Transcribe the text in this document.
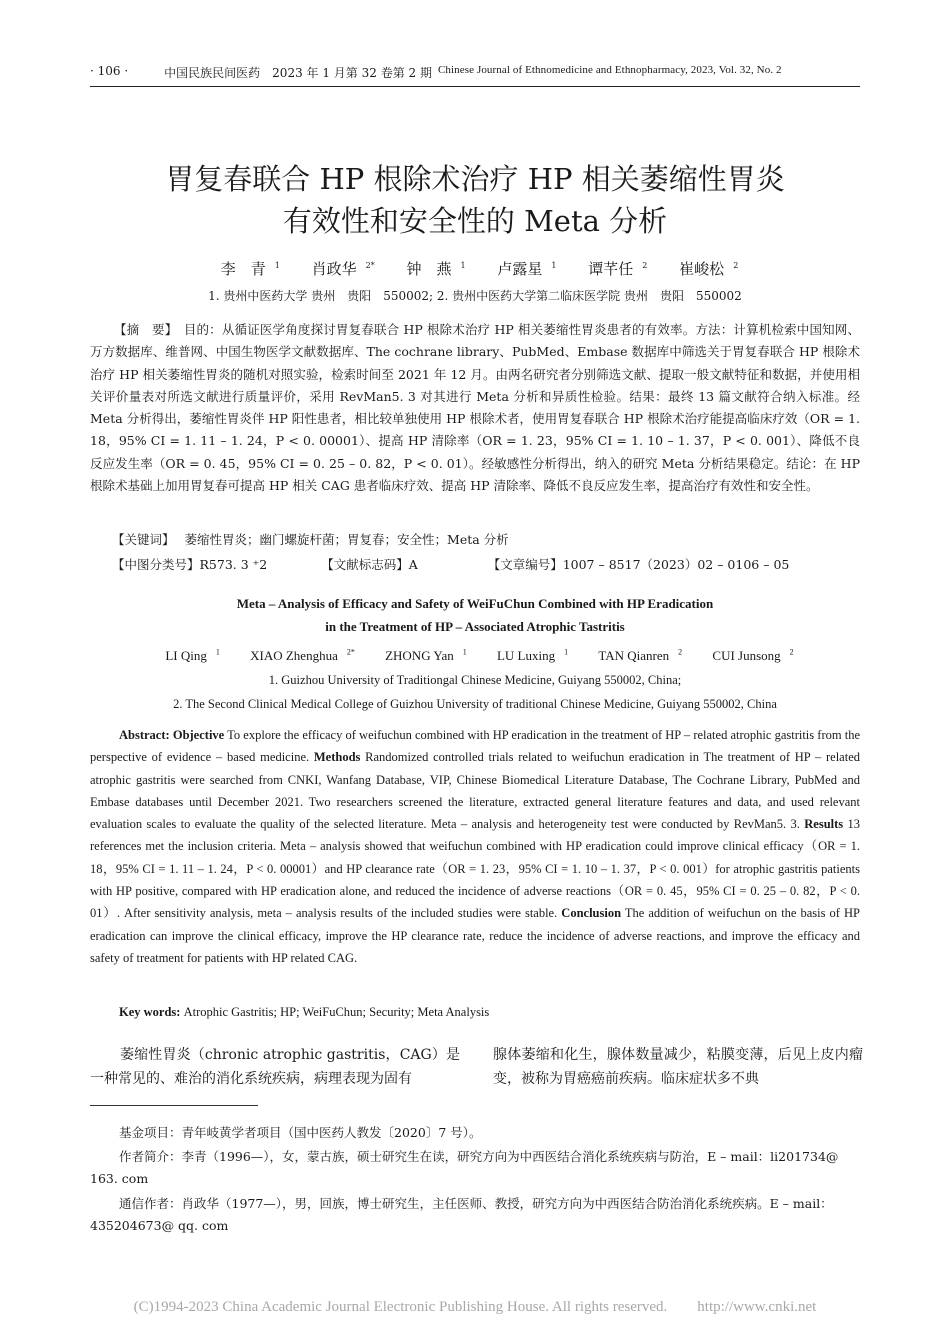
· 106 ·	中国民族民间医药　2023 年 1 月第 32 卷第 2 期 Chinese Journal of Ethnomedicine and Ethnopharmacy, 2023, Vol. 32, No. 2
胃复春联合 HP 根除术治疗 HP 相关萎缩性胃炎
有效性和安全性的 Meta 分析
李　青 $^1$ 肖政华 $^{2*}$ 钟　燕 $^1$ 卢露星 $^1$ 谭芊任 $^2$ 崔峻松 $^2$
1. 贵州中医药大学 贵州　贵阳　550002; 2. 贵州中医药大学第二临床医学院 贵州　贵阳　550002
【摘　要】　 目的：从循证医学角度探讨胃复春联合 HP 根除术治疗 HP 相关萎缩性胃炎患者的有效率。方法：计算机检索中国知网、万方数据库、维普网、中国生物医学文献数据库、The cochrane library、PubMed、Embase 数据库中筛选关于胃复春联合 HP 根除术治疗 HP 相关萎缩性胃炎的随机对照实验，检索时间至 2021 年 12 月。由两名研究者分别筛选文献、提取一般文献特征和数据，并使用相关评价量表对所选文献进行质量评价，采用 RevMan5. 3 对其进行 Meta 分析和异质性检验。结果：最终 13 篇文献符合纳入标准。经 Meta 分析得出，萎缩性胃炎伴 HP 阳性患者，相比较单独使用 HP 根除术者，使用胃复春联合 HP 根除术治疗能提高临床疗效（OR = 1. 18，95% CI = 1. 11 – 1. 24，P < 0. 00001）、提高 HP 清除率（OR = 1. 23，95% CI = 1. 10 – 1. 37，P < 0. 001）、降低不良反应发生率（OR = 0. 45，95% CI = 0. 25 – 0. 82，P < 0. 01）。经敏感性分析得出，纳入的研究 Meta 分析结果稳定。结论：在 HP 根除术基础上加用胃复春可提高 HP 相关 CAG 患者临床疗效、提高 HP 清除率、降低不良反应发生率，提高治疗有效性和安全性。
【关键词】 萎缩性胃炎；幽门螺旋杆菌；胃复春；安全性；Meta 分析
【中图分类号】R573. 3 ⁺2	【文献标志码】A	【文章编号】1007 – 8517（2023）02 – 0106 – 05
Meta – Analysis of Efficacy and Safety of WeiFuChun Combined with HP Eradication
in the Treatment of HP – Associated Atrophic Tastritis
LI Qing $^1$ XIAO Zhenghua $^{2*}$ ZHONG Yan $^1$ LU Luxing $^1$ TAN Qianren $^2$ CUI Junsong $^2$
1. Guizhou University of Traditiongal Chinese Medicine, Guiyang 550002, China;
2. The Second Clinical Medical College of Guizhou University of traditional Chinese Medicine, Guiyang 550002, China
Abstract: Objective To explore the efficacy of weifuchun combined with HP eradication in the treatment of HP – related atrophic gastritis from the perspective of evidence – based medicine. Methods Randomized controlled trials related to weifuchun eradication in The treatment of HP – related atrophic gastritis were searched from CNKI, Wanfang Database, VIP, Chinese Biomedical Literature Database, The Cochrane Library, PubMed and Embase databases until December 2021. Two researchers screened the literature, extracted general literature features and data, and used relevant evaluation scales to evaluate the quality of the selected literature. Meta – analysis and heterogeneity test were conducted by RevMan5. 3. Results 13 references met the inclusion criteria. Meta – analysis showed that weifuchun combined with HP eradication could improve clinical efficacy（OR = 1. 18，95% CI = 1. 11 – 1. 24，P < 0. 00001）and HP clearance rate（OR = 1. 23，95% CI = 1. 10 – 1. 37，P < 0. 001）for atrophic gastritis patients with HP positive, compared with HP eradication alone, and reduced the incidence of adverse reactions（OR = 0. 45，95% CI = 0. 25 – 0. 82，P < 0. 01）. After sensitivity analysis, meta – analysis results of the included studies were stable. Conclusion The addition of weifuchun on the basis of HP eradication can improve the clinical efficacy, improve the HP clearance rate, reduce the incidence of adverse reactions, and improve the efficacy and safety of treatment for patients with HP related CAG.
Key words: Atrophic Gastritis; HP; WeiFuChun; Security; Meta Analysis
萎缩性胃炎（chronic atrophic gastritis，CAG）是一种常见的、难治的消化系统疾病，病理表现为固有
腺体萎缩和化生，腺体数量减少，粘膜变薄，后见上皮内瘤变，被称为胃癌癌前疾病。临床症状多不典
基金项目：青年岐黄学者项目（国中医药人教发〔2020〕7 号）。
作者简介：李青（1996—），女，蒙古族，硕士研究生在读，研究方向为中西医结合消化系统疾病与防治，E – mail：li201734@ 163. com
通信作者：肖政华（1977—），男，回族，博士研究生，主任医师、教授，研究方向为中西医结合防治消化系统疾病。E – mail：435204673@ qq. com
(C)1994-2023 China Academic Journal Electronic Publishing House. All rights reserved.　　http://www.cnki.net
